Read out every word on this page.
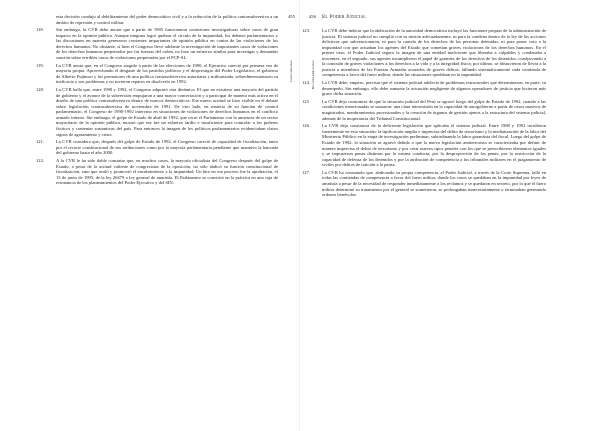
455	456
Conclusiones	Recomendaciones
El Poder Judicial
esta decisión condujo al debilitamiento del poder democrático civil y a la reducción de la política contrasubversiva a un ámbito de represión y control militar.
118.	Sin embargo, la CVR debe anotar que a partir de 1985 funcionaron comisiones investigadoras sobre casos de gran impacto en la opinión pública. Aunque ninguna logró quebrar el círculo de la impunidad, los debates parlamentarios y las discusiones en materia generaron corrientes importantes de opinión pública en contra de las violaciones de los derechos humanos. No obstante, si bien el Congreso llevó adelante la investigación de importantes casos de violaciones de los derechos humanos perpetrados por las fuerzas del orden, no hizo un esfuerzo similar para investigar y demandar sanción sobre terribles casos de violaciones perpetradas por el PCP-SL.
119.	La CVR anota que, en el Congreso surgido a partir de las elecciones de 1990, el Ejecutivo careció por primera vez de mayoría propia. Aprovechando el desgaste de los partidos políticos y el desprestigio del Poder Legislativo, el gobierno de Alberto Fujimori y los promotores de una política contrasubversiva autoritaria y militarizada, sobredimensionaron su ineficacia y sus problemas y no tuvieron reparos en disolverlo en 1992.
120.	La CVR halla que, entre 1990 y 1992, el Congreso adquirió otra dinámica. El que no existiese una mayoría del partido de gobierno y el avance de la subversión empujaron a una mayor concertación y a participar de manera más activa en el diseño de una política contrasubversiva dentro de marcos democráticos. Ese nuevo actitud se hizo visible en el debate sobre legislación contrasubversiva de noviembre de 1991. De otro lado, en materia de su función de control parlamentario, el Congreso de 1990-1992 intervino en situaciones de violaciones de derechos humanos en el conflicto armado interno. Sin embargo, el golpe de Estado de abril de 1992, que cerró el Parlamento con la anuencia de un sector mayoritario de la opinión pública, mostró que ese fue un esfuerzo tardío e insuficiente para controlar a los poderes fácticos y contentar sustantivas del país. Para entonces la imagen de los políticos parlamentarios evidenciaban claros signos de agotamiento y crisis.
121.	La CVR considera que, después del golpe de Estado de 1992, el Congreso careció de capacidad de fiscalización, tanto por el recorte constitucional de sus atribuciones como por la mayoría parlamentaria pendiente que mantuvo la bancada del gobierno hasta el año 2000.
122.	A la CVR le ha sido dable constatar que, en muchos casos, la mayoría oficialista del Congreso después del golpe de Estado, a pesar de la actitud valiente de congresistas de la oposición, no sólo abdicó su función constitucional de fiscalización, sino que avaló y promovió el encubrimiento y la impunidad. Un hito en ese proceso fue la aprobación, el 15 de junio de 1995, de la ley 26479 o ley general de amnistía. El Parlamento se convirtió en la práctica en una caja de resonancia de los planteamientos del Poder Ejecutivo y del SIN.
123.	La CVR debe indicar que la abdicación de la autoridad democrática incluyó las funciones propias de la administración de justicia. El sistema judicial no cumplió con su misión adecuadamente, ni para la condena dentro de la ley de las acciones delictivas que subvencionaron, ni para la cautela de los derechos de las personas detenidas, ni para poner coto a la impunidad con que actuaban los agentes del Estado que cometían graves violaciones de los derechos humanos. En el primer caso, el Poder Judicial seguro la imagen de una entidad ineficiente que liberaba a culpables y condenaba a inocentes; en el segundo, sus agentes incumplieron el papel de garantes de los derechos de los detenidos, coadyuvando a la comisión de graves violaciones a los derechos a la vida y a la integridad física; por último, se abstuvieron de llevar a la justicia a miembros de las Fuerzas Armadas acusados de graves delitos, fallando sistemáticamente cada contienda de competencia a favor del fuero militar, donde las situaciones quedaban en la impunidad.
124.	La CVR debe, empero, precisar que el sistema judicial adolecía de problemas estructurales que determinaron, en parte, su desempeño. Sin embargo, ello debe sumarse la actuación negligente de algunos operadores de justicia que hicieron más grave dicha situación.
125.	La CVR deja constancia de que la situación judicial del Perú se agravó luego del golpe de Estado de 1992, cuando a las condiciones mencionadas se sumaron: una clara intromisión en la capacidad de autogobierno a partir de casos masivos de magistrados, nombramientos provisionales y la creación de órganos de gestión ajenos a la estructura del sistema judicial, además de la inoperancia del Tribunal Constitucional.
126.	La CVR deja constancia de la deficiente legislación que aplicaba el sistema judicial. Entre 1980 y 1992 incidieron fuertemente en esta situación: la tipificación amplia e imprecisa del delito de terrorismo y la mediatización de la labor del Ministerio Público en la etapa de investigación preliminar, subordinando la labor garantista del fiscal. Luego del golpe de Estado de 1992, la situación se agravó debido a que la nueva legislación antiterrorista se caracterizaba por definir de manera imprecisa el delito de terrorismo y por crear nuevos tipos penales con los que se prescribieron elementos iguales y se impusieron penas distintas por la misma conducta; por la desproporción de las penas; por la restricción de la capacidad de defensa de los detenidos y por la atribución de competencia a los tribunales militares en el juzgamiento de civiles por delitos de traición a la patria.
127.	La CVR ha constatado que, abdicando su propia competencia, el Poder Judicial, a través de la Corte Suprema, falló en todas las contiendas de competencia a favor del fuero militar, donde los casos se quedaban en la impunidad por leyes de amnistía a pesar de la necesidad de responder inmediatamente a los reclamos y se quedaron en secreto, por lo que el fuero militar determinó su tratamiento por el general se sometieron, se prolongaban innecesariamente o terminaban generando ordenes benévolas.
